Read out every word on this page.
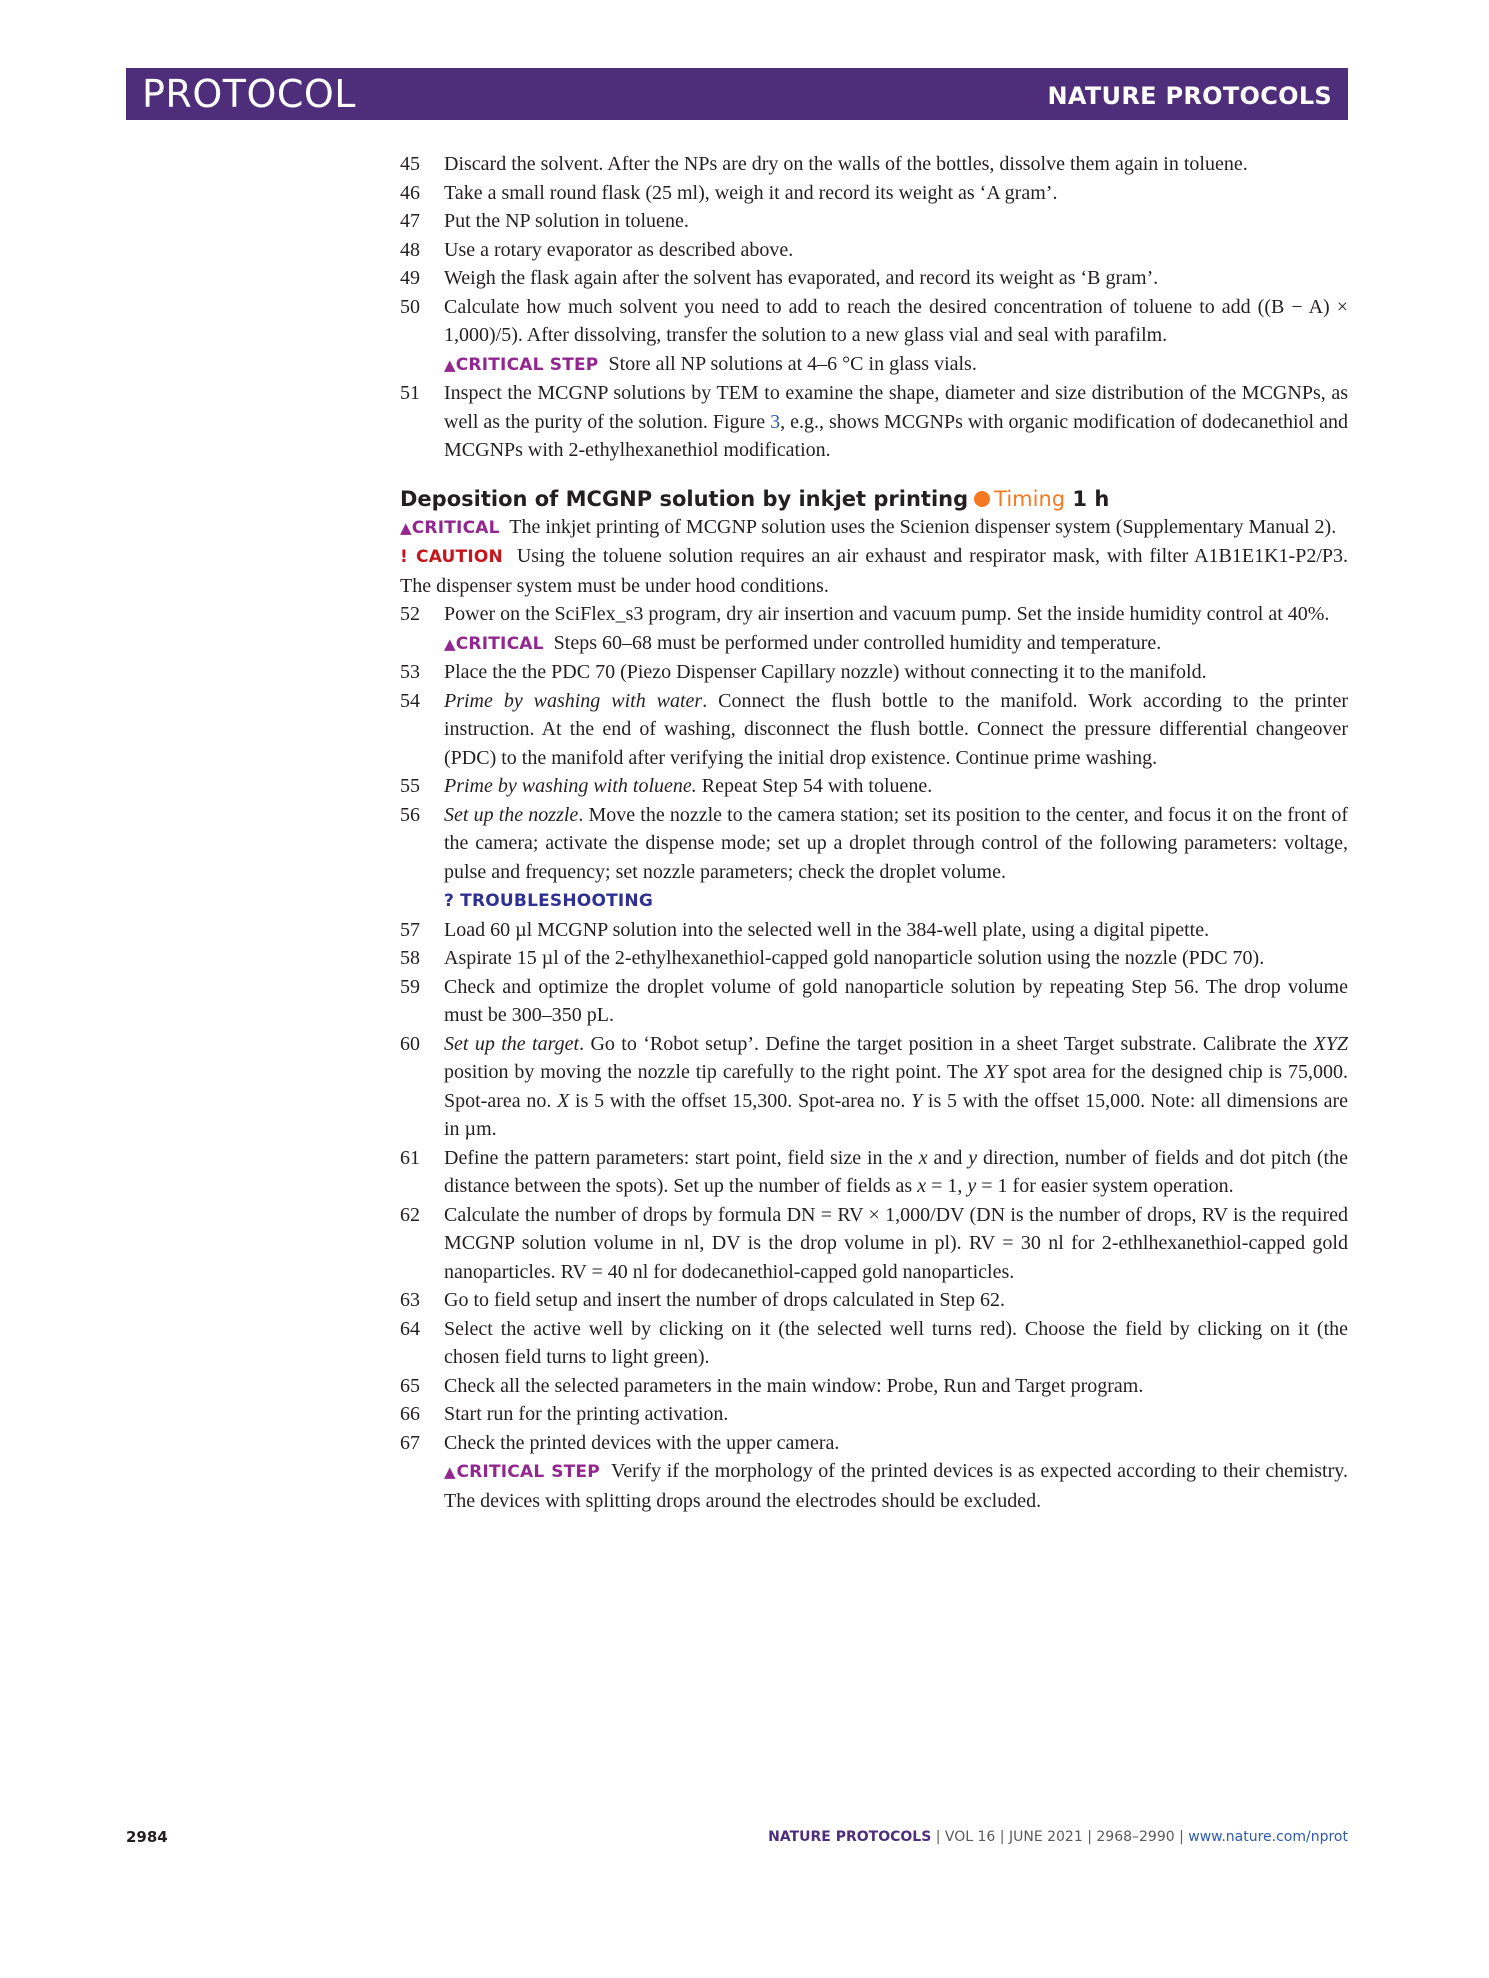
PROTOCOL	NATURE PROTOCOLS
45 Discard the solvent. After the NPs are dry on the walls of the bottles, dissolve them again in toluene.

46 Take a small round flask (25 ml), weigh it and record its weight as ‘A gram’.

47 Put the NP solution in toluene.

48 Use a rotary evaporator as described above.

49 Weigh the flask again after the solvent has evaporated, and record its weight as ‘B gram’.

50 Calculate how much solvent you need to add to reach the desired concentration of toluene to add ((B − A) × 1,000)/5). After dissolving, transfer the solution to a new glass vial and seal with parafilm.

▲CRITICAL STEP Store all NP solutions at 4–6 °C in glass vials.
51 Inspect the MCGNP solutions by TEM to examine the shape, diameter and size distribution of the MCGNPs, as well as the purity of the solution. Figure 3, e.g., shows MCGNPs with organic modification of dodecanethiol and MCGNPs with 2-ethylhexanethiol modification.

Deposition of MCGNP solution by inkjet printing Timing 1 h
▲CRITICAL The inkjet printing of MCGNP solution uses the Scienion dispenser system (Supplementary Manual 2).
! CAUTION Using the toluene solution requires an air exhaust and respirator mask, with filter A1B1E1K1-P2/P3. The dispenser system must be under hood conditions.
52 Power on the SciFlex_s3 program, dry air insertion and vacuum pump. Set the inside humidity control at 40%.

▲CRITICAL Steps 60–68 must be performed under controlled humidity and temperature.
53 Place the the PDC 70 (Piezo Dispenser Capillary nozzle) without connecting it to the manifold.

54 Prime by washing with water. Connect the flush bottle to the manifold. Work according to the printer instruction. At the end of washing, disconnect the flush bottle. Connect the pressure differential changeover (PDC) to the manifold after verifying the initial drop existence. Continue prime washing.

55 Prime by washing with toluene. Repeat Step 54 with toluene.

56 Set up the nozzle. Move the nozzle to the camera station; set its position to the center, and focus it on the front of the camera; activate the dispense mode; set up a droplet through control of the following parameters: voltage, pulse and frequency; set nozzle parameters; check the droplet volume.

? TROUBLESHOOTING
57 Load 60 µl MCGNP solution into the selected well in the 384-well plate, using a digital pipette.

58 Aspirate 15 µl of the 2-ethylhexanethiol-capped gold nanoparticle solution using the nozzle (PDC 70).

59 Check and optimize the droplet volume of gold nanoparticle solution by repeating Step 56. The drop volume must be 300–350 pL.

60 Set up the target. Go to ‘Robot setup’. Define the target position in a sheet Target substrate. Calibrate the XYZ position by moving the nozzle tip carefully to the right point. The XY spot area for the designed chip is 75,000. Spot-area no. X is 5 with the offset 15,300. Spot-area no. Y is 5 with the offset 15,000. Note: all dimensions are in µm.

61 Define the pattern parameters: start point, field size in the x and y direction, number of fields and dot pitch (the distance between the spots). Set up the number of fields as x = 1, y = 1 for easier system operation.

62 Calculate the number of drops by formula DN = RV × 1,000/DV (DN is the number of drops, RV is the required MCGNP solution volume in nl, DV is the drop volume in pl). RV = 30 nl for 2-ethlhexanethiol-capped gold nanoparticles. RV = 40 nl for dodecanethiol-capped gold nanoparticles.

63 Go to field setup and insert the number of drops calculated in Step 62.

64 Select the active well by clicking on it (the selected well turns red). Choose the field by clicking on it (the chosen field turns to light green).

65 Check all the selected parameters in the main window: Probe, Run and Target program.

66 Start run for the printing activation.

67 Check the printed devices with the upper camera.

▲CRITICAL STEP Verify if the morphology of the printed devices is as expected according to their chemistry. The devices with splitting drops around the electrodes should be excluded.
2984	NATURE PROTOCOLS | VOL 16 | JUNE 2021 | 2968–2990 | www.nature.com/nprot
